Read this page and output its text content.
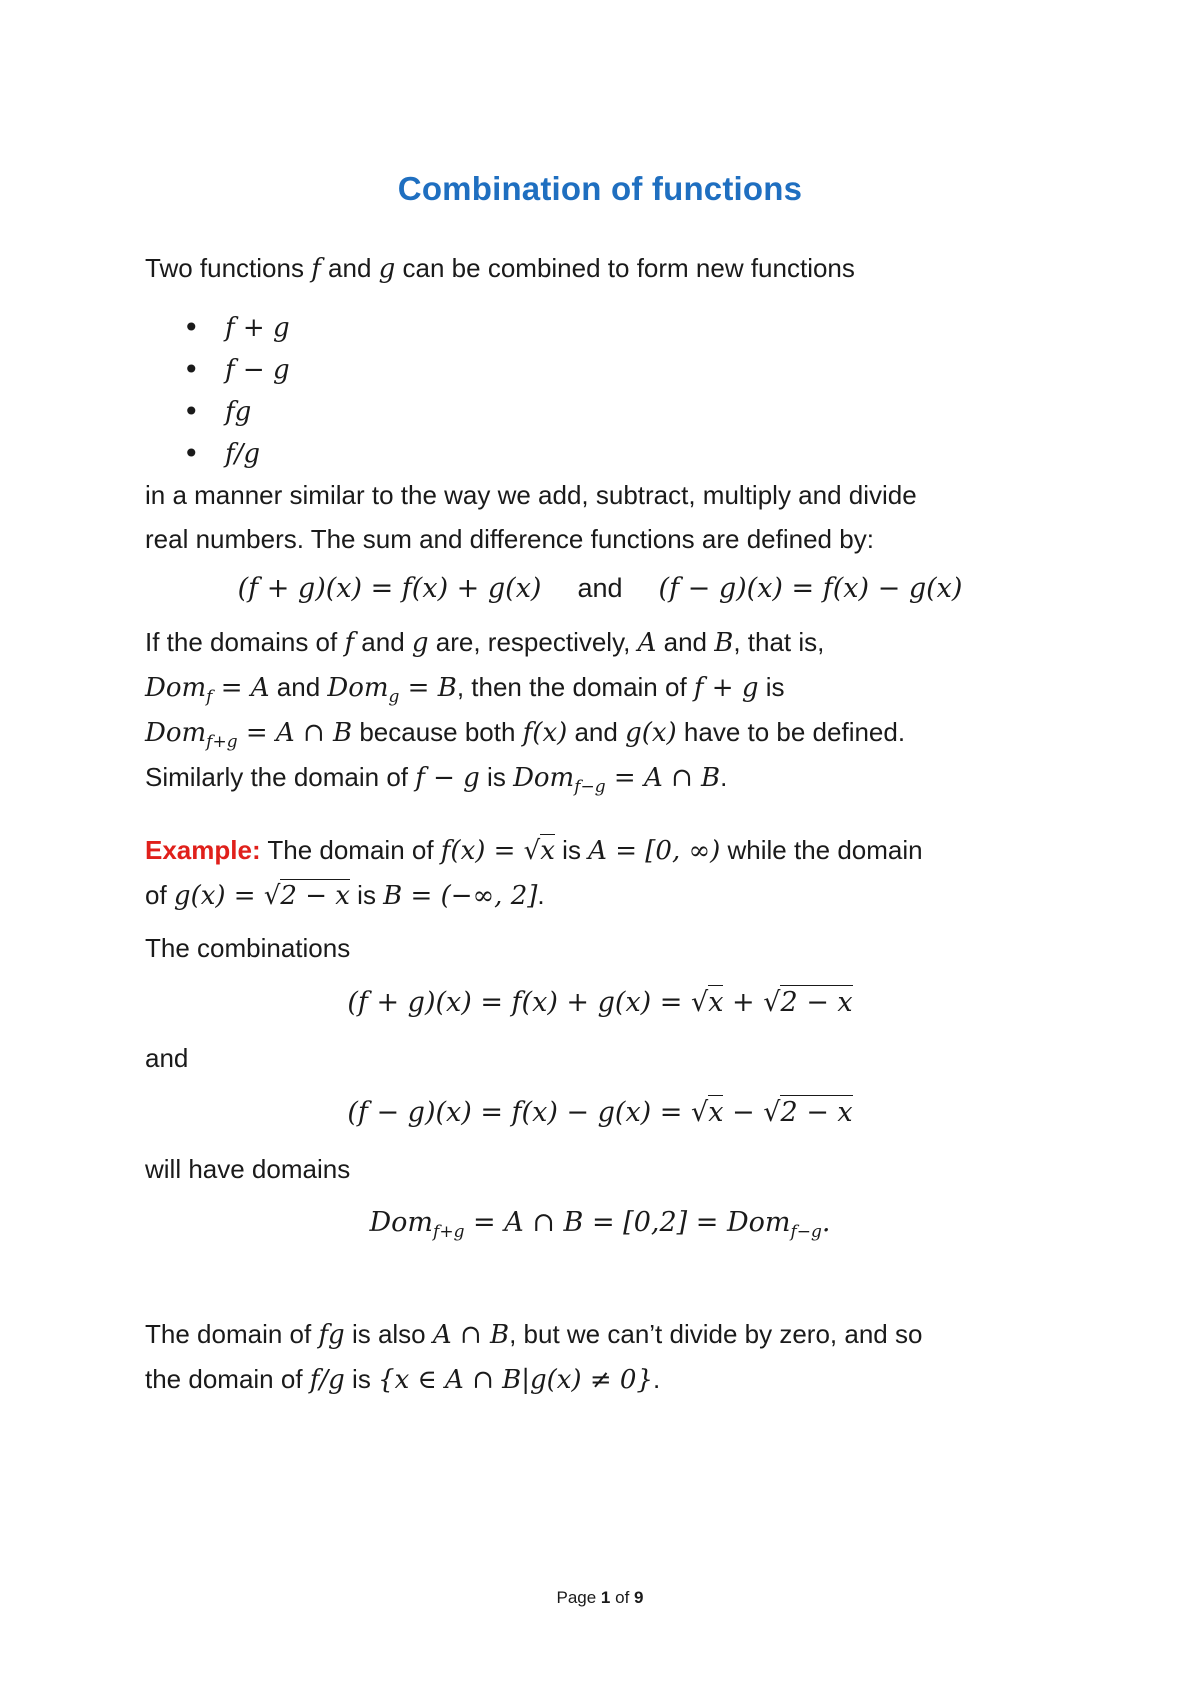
Combination of functions

Two functions f and g can be combined to form new functions

• f + g
• f − g
• fg
• f/g

in a manner similar to the way we add, subtract, multiply and divide
real numbers. The sum and difference functions are defined by:

(f + g)(x) = f(x) + g(x) and (f − g)(x) = f(x) − g(x)

If the domains of f and g are, respectively, A and B, that is,
Dom$_f$ = A and Dom$_g$ = B, then the domain of f + g is
Dom$_{f+g}$ = A ∩ B because both f(x) and g(x) have to be defined.
Similarly the domain of f − g is Dom$_{f-g}$ = A ∩ B.

Example: The domain of f(x) = √x is A = [0, ∞) while the domain
of g(x) = √2 − x is B = (−∞, 2].

The combinations

(f + g)(x) = f(x) + g(x) = √x + √2 − x

and

(f − g)(x) = f(x) − g(x) = √x − √2 − x

will have domains

Dom$_{f+g}$ = A ∩ B = [0,2] = Dom$_{f-g}$.

The domain of fg is also A ∩ B, but we can’t divide by zero, and so
the domain of f/g is {x ∈ A ∩ B|g(x) ≠ 0}.

Page 1 of 9
